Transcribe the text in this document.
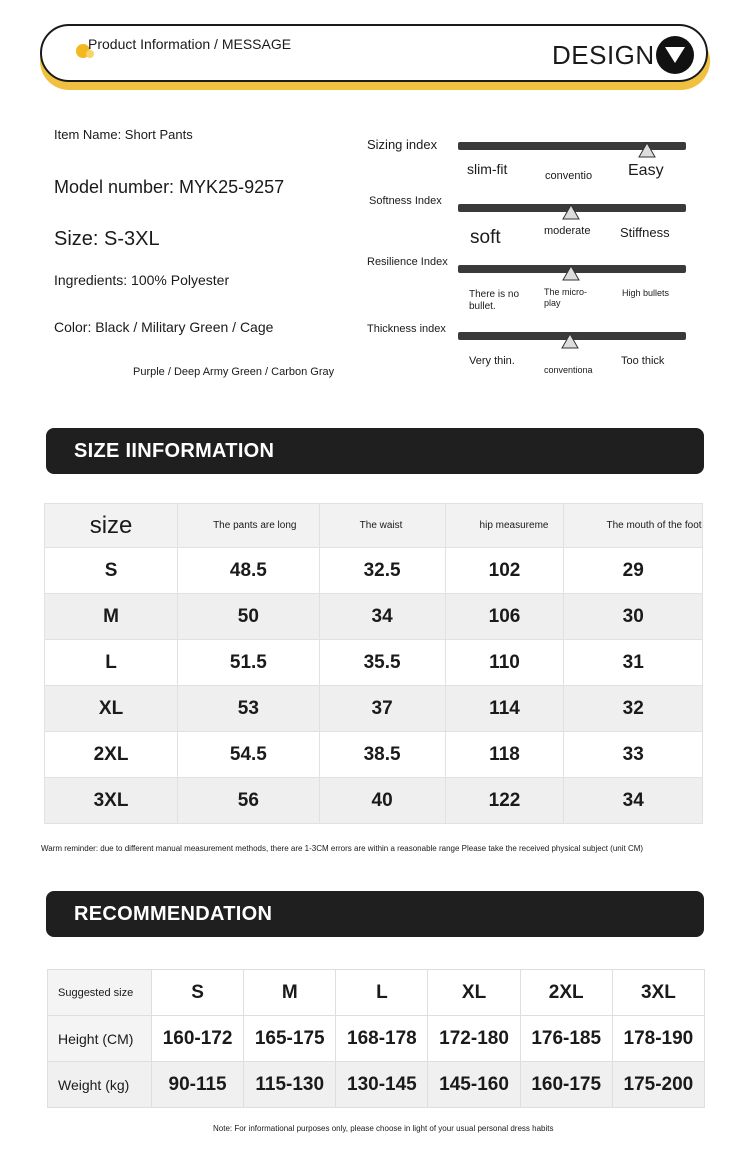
Product Information / MESSAGE	DESIGN
Item Name: Short Pants
Model number: MYK25-9257
Size: S-3XL
Ingredients: 100% Polyester
Color: Black / Military Green / Cage
Purple / Deep Army Green / Carbon Gray
Sizing index
slim-fit	conventio Easy
Softness Index
soft	moderate Stiffness
Resilience Index
There is no bullet.
The micro-play
High bullets
Thickness index
Very thin.
conventiona
Too thick
SIZE IINFORMATION
size	The pants are long	The waist	hip measureme	The mouth of the foot
S	48.5	32.5	102	29
M	50	34	106	30
L	51.5	35.5	110	31
XL	53	37	114	32
2XL	54.5	38.5	118	33
3XL	56	40	122	34
Warm reminder: due to different manual measurement methods, there are 1-3CM errors are within a reasonable range Please take the received physical subject (unit CM)
RECOMMENDATION
Suggested size	S	M	L	XL	2XL	3XL
Height (CM)	160-172	165-175	168-178	172-180	176-185	178-190
Weight (kg)	90-115	115-130	130-145	145-160	160-175	175-200
Note: For informational purposes only, please choose in light of your usual personal dress habits
